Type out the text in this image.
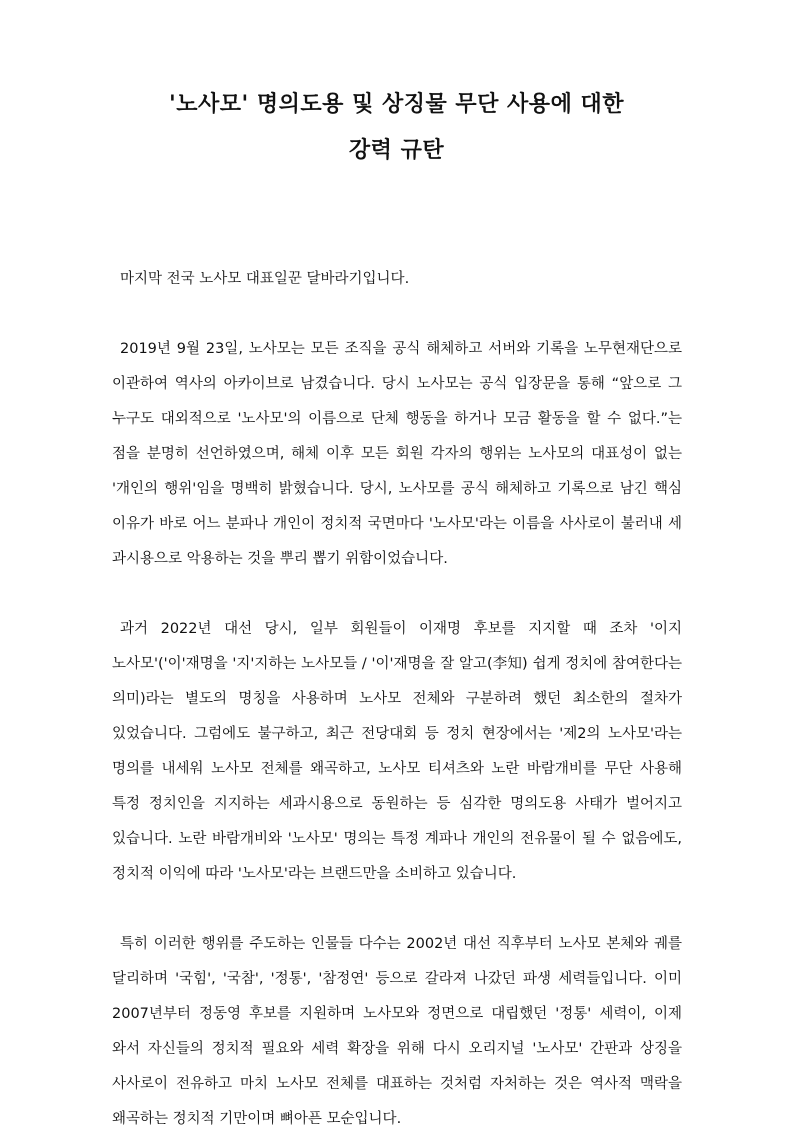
'노사모' 명의도용 및 상징물 무단 사용에 대한
강력 규탄

마지막 전국 노사모 대표일꾼 달바라기입니다.

2019년 9월 23일, 노사모는 모든 조직을 공식 해체하고 서버와 기록을 노무현재단으로 이관하여 역사의 아카이브로 남겼습니다. 당시 노사모는 공식 입장문을 통해 “앞으로 그 누구도 대외적으로 '노사모'의 이름으로 단체 행동을 하거나 모금 활동을 할 수 없다.”는 점을 분명히 선언하였으며, 해체 이후 모든 회원 각자의 행위는 노사모의 대표성이 없는 '개인의 행위'임을 명백히 밝혔습니다. 당시, 노사모를 공식 해체하고 기록으로 남긴 핵심 이유가 바로 어느 분파나 개인이 정치적 국면마다 '노사모'라는 이름을 사사로이 불러내 세 과시용으로 악용하는 것을 뿌리 뽑기 위함이었습니다.

과거 2022년 대선 당시, 일부 회원들이 이재명 후보를 지지할 때 조차 '이지 노사모'('이'재명을 '지'지하는 노사모들 / '이'재명을 잘 알고(李知) 쉽게 정치에 참여한다는 의미)라는 별도의 명칭을 사용하며 노사모 전체와 구분하려 했던 최소한의 절차가 있었습니다. 그럼에도 불구하고, 최근 전당대회 등 정치 현장에서는 '제2의 노사모'라는 명의를 내세워 노사모 전체를 왜곡하고, 노사모 티셔츠와 노란 바람개비를 무단 사용해 특정 정치인을 지지하는 세과시용으로 동원하는 등 심각한 명의도용 사태가 벌어지고 있습니다. 노란 바람개비와 '노사모' 명의는 특정 계파나 개인의 전유물이 될 수 없음에도, 정치적 이익에 따라 '노사모'라는 브랜드만을 소비하고 있습니다.

특히 이러한 행위를 주도하는 인물들 다수는 2002년 대선 직후부터 노사모 본체와 궤를 달리하며 '국힘', '국참', '정통', '참정연' 등으로 갈라져 나갔던 파생 세력들입니다. 이미 2007년부터 정동영 후보를 지원하며 노사모와 정면으로 대립했던 '정통' 세력이, 이제 와서 자신들의 정치적 필요와 세력 확장을 위해 다시 오리지널 '노사모' 간판과 상징을 사사로이 전유하고 마치 노사모 전체를 대표하는 것처럼 자처하는 것은 역사적 맥락을 왜곡하는 정치적 기만이며 뼈아픈 모순입니다.
